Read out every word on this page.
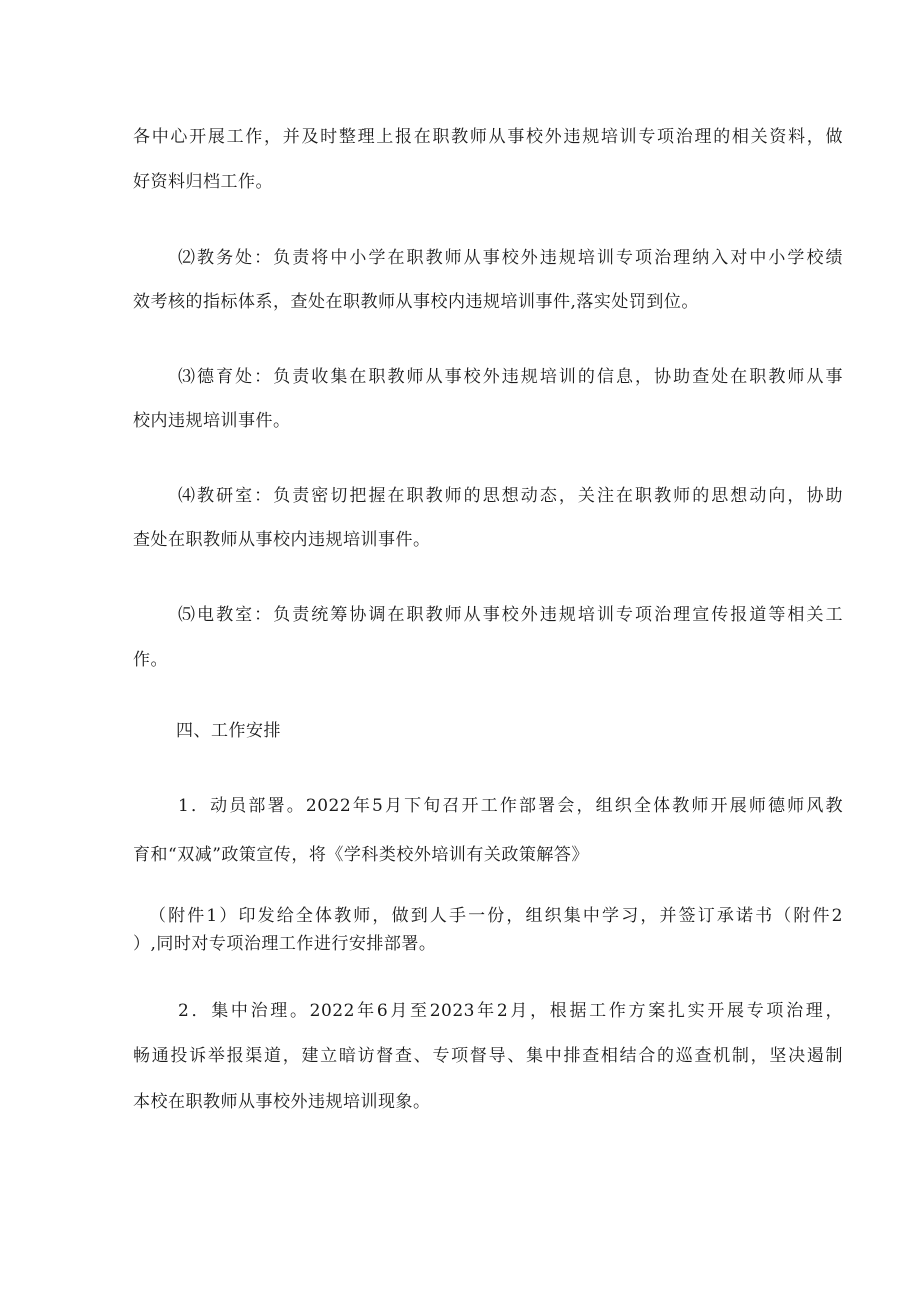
各中心开展工作，并及时整理上报在职教师从事校外违规培训专项治理的相关资料，做
好资料归档工作。
⑵教务处：负责将中小学在职教师从事校外违规培训专项治理纳入对中小学校绩
效考核的指标体系，查处在职教师从事校内违规培训事件,落实处罚到位。
⑶德育处：负责收集在职教师从事校外违规培训的信息，协助查处在职教师从事
校内违规培训事件。
⑷教研室：负责密切把握在职教师的思想动态，关注在职教师的思想动向，协助
查处在职教师从事校内违规培训事件。
⑸电教室：负责统筹协调在职教师从事校外违规培训专项治理宣传报道等相关工
作。
四、工作安排
1．动员部署。2022年5月下旬召开工作部署会，组织全体教师开展师德师风教
育和“双减”政策宣传，将《学科类校外培训有关政策解答》
（附件1）印发给全体教师，做到人手一份，组织集中学习，并签订承诺书（附件2
）,同时对专项治理工作进行安排部署。
2．集中治理。2022年6月至2023年2月，根据工作方案扎实开展专项治理，
畅通投诉举报渠道，建立暗访督查、专项督导、集中排查相结合的巡查机制，坚决遏制
本校在职教师从事校外违规培训现象。
